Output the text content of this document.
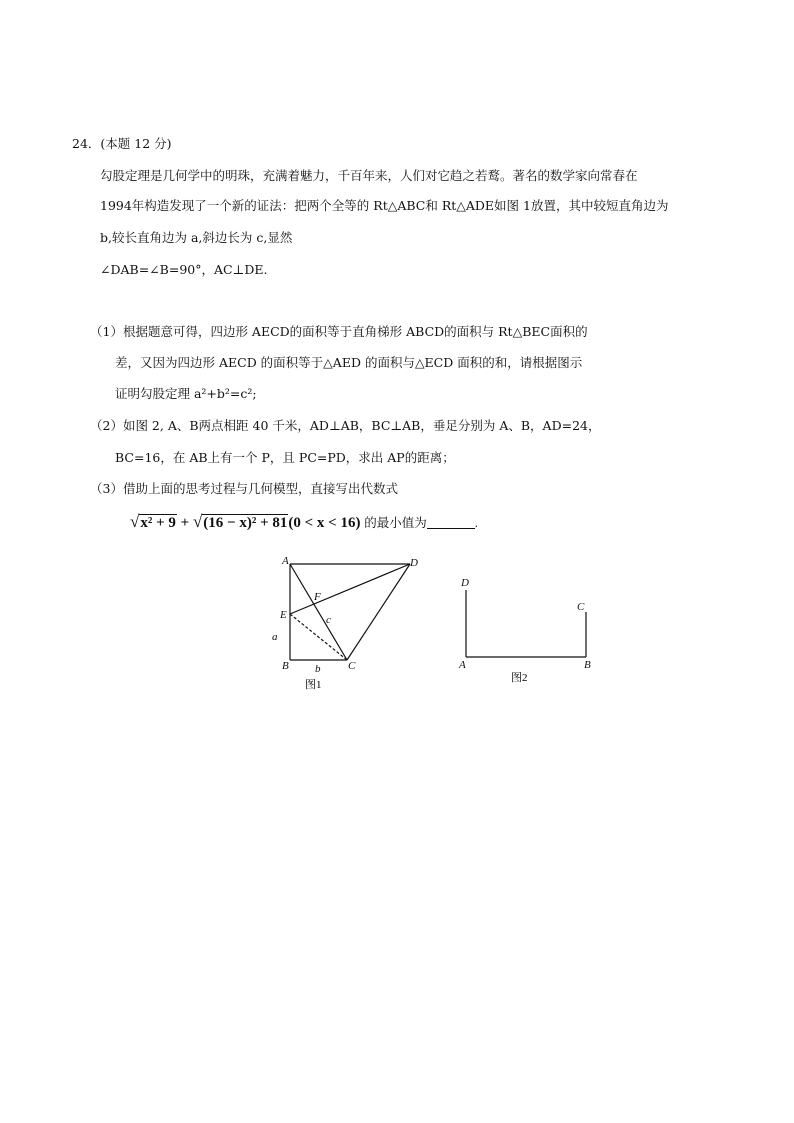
24．(本题 12 分)
勾股定理是几何学中的明珠，充满着魅力，千百年来，人们对它趋之若鹜。著名的数学家向常春在
1994年构造发现了一个新的证法：把两个全等的 Rt△ABC和 Rt△ADE如图 1放置，其中较短直角边为
b,较长直角边为 a,斜边长为 c,显然
∠DAB=∠B=90°，AC⊥DE.
（1）根据题意可得，四边形 AECD的面积等于直角梯形 ABCD的面积与 Rt△BEC面积的
差，又因为四边形 AECD 的面积等于△AED 的面积与△ECD 面积的和，请根据图示
证明勾股定理 a²+b²=c²;
（2）如图 2, A、B两点相距 40 千米，AD⊥AB，BC⊥AB，垂足分别为 A、B，AD=24，
BC=16，在 AB上有一个 P，且 PC=PD，求出 AP的距离；
（3）借助上面的思考过程与几何模型，直接写出代数式
√x² + 9 + √(16 − x)² + 81(0 < x < 16) 的最小值为	.
A	D
E
F
c
a
B b	C
图1
D
C
A	B
图2
